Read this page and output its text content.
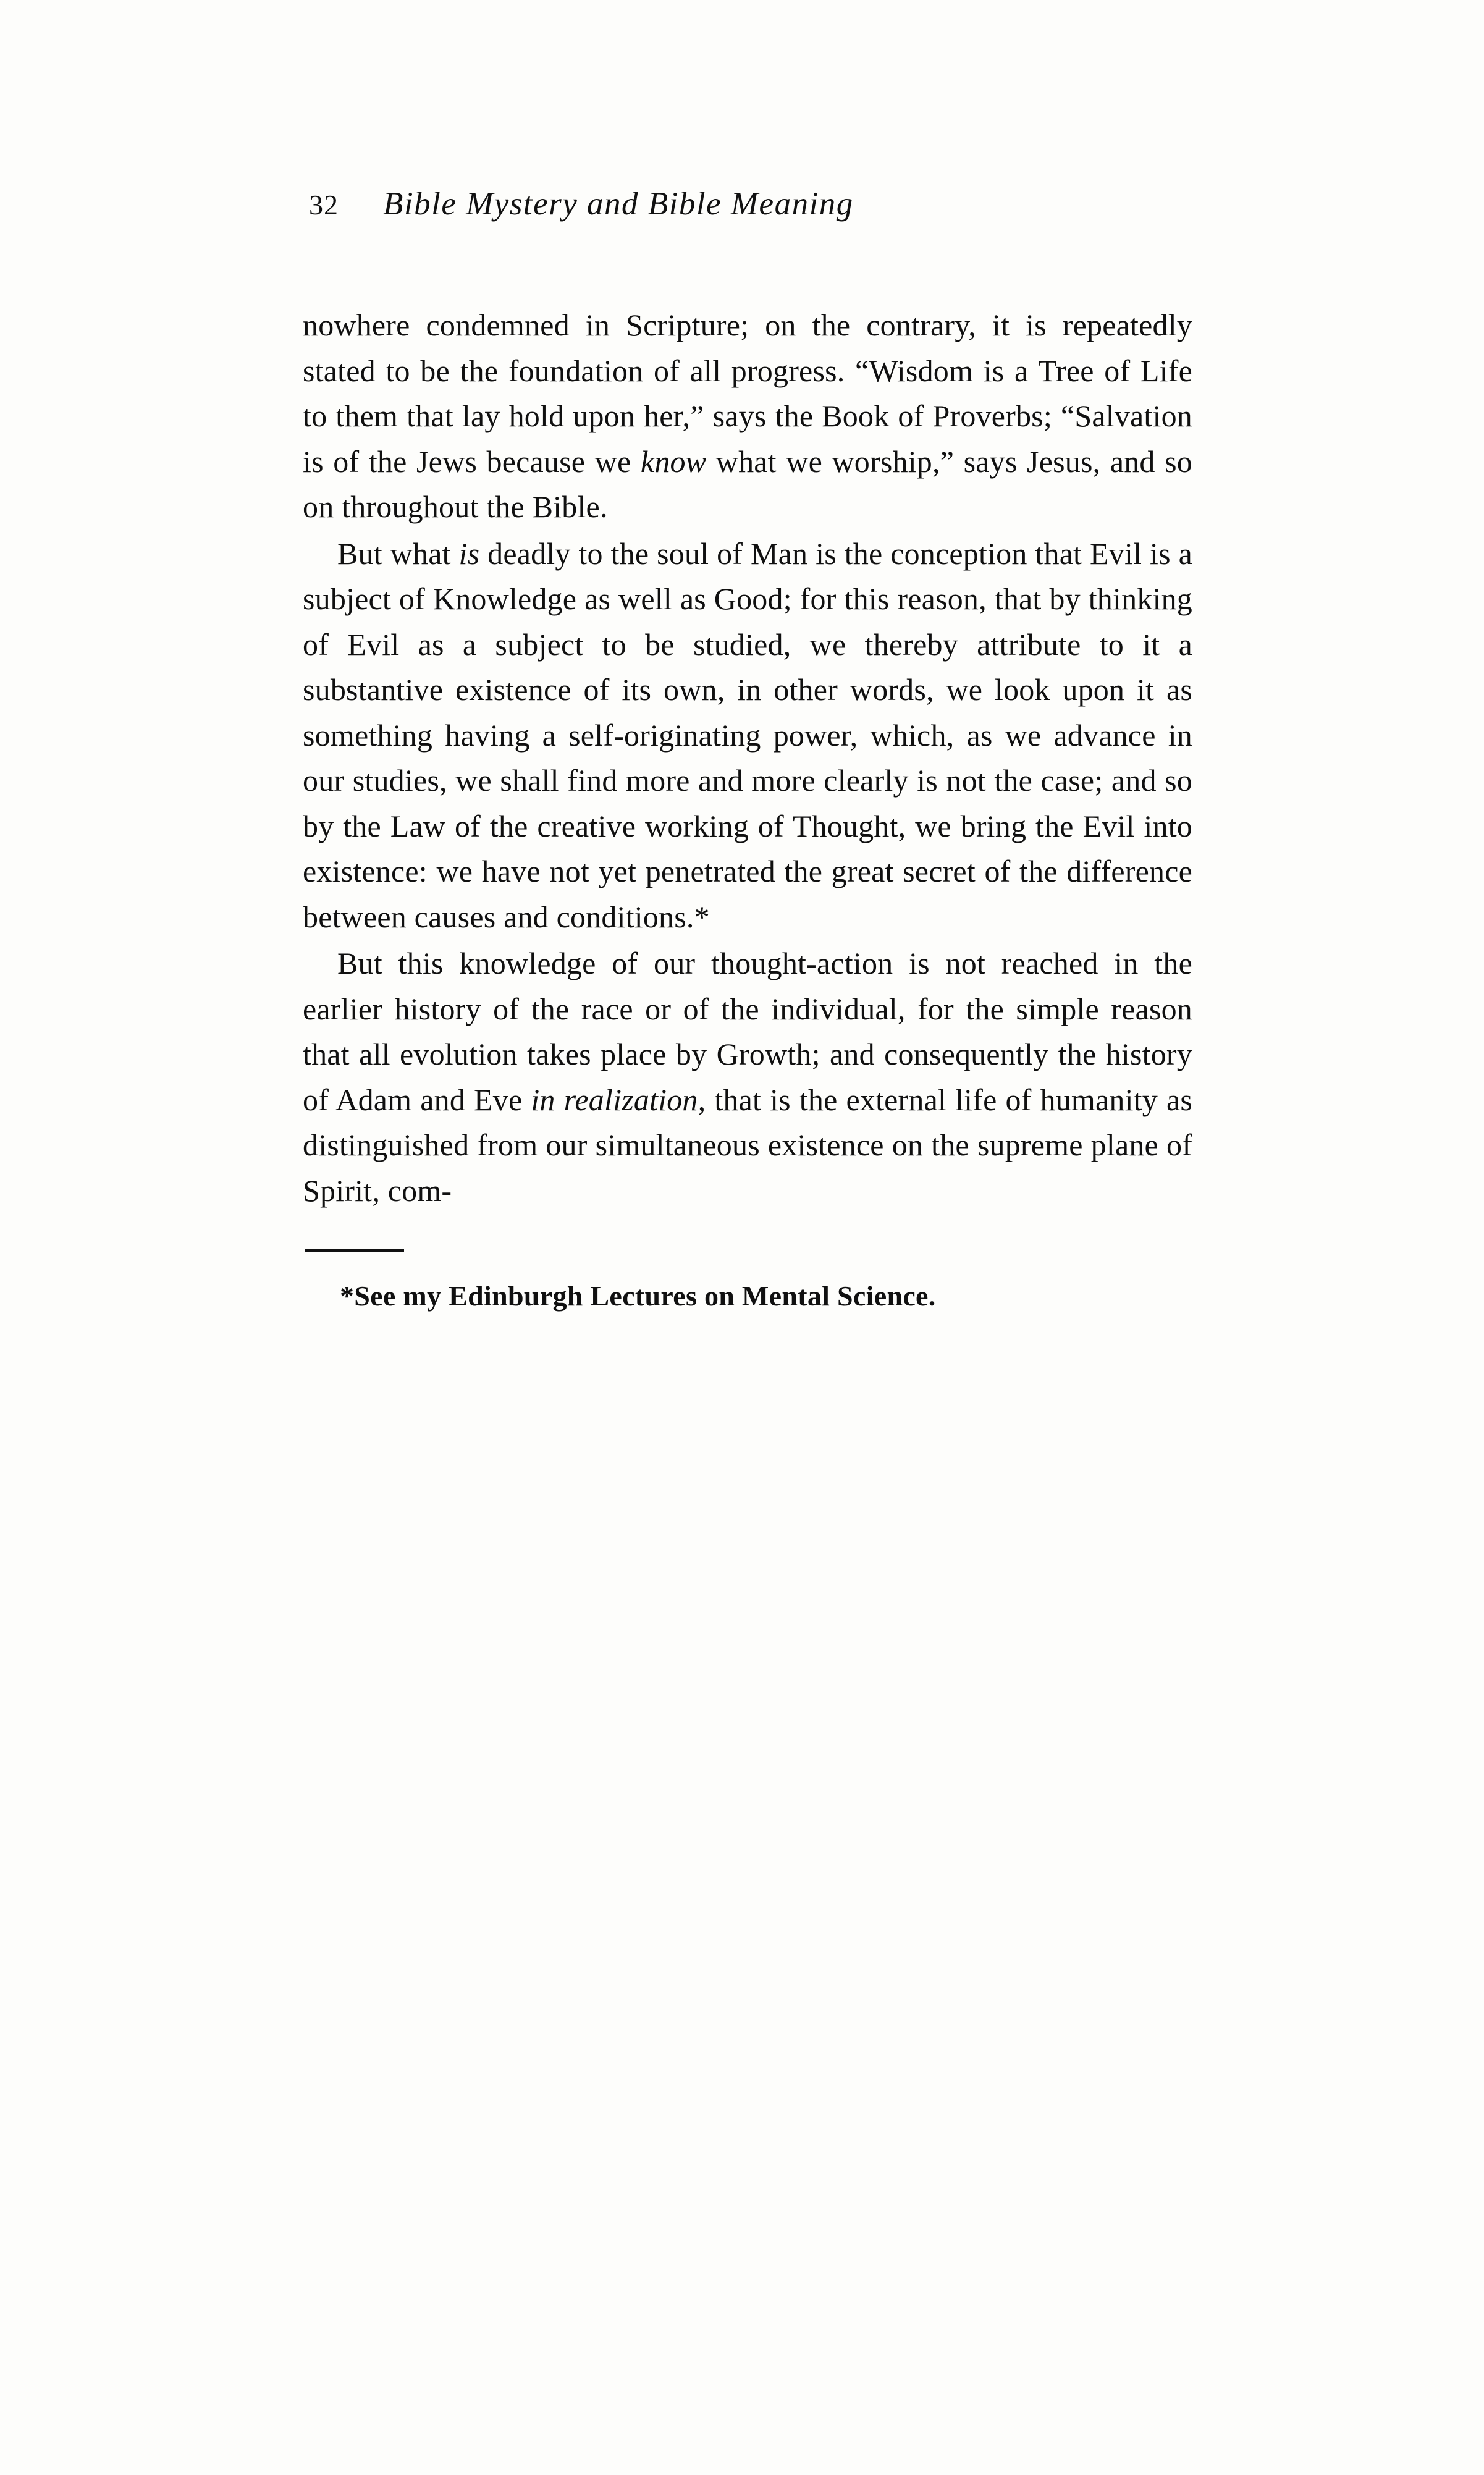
32	Bible Mystery and Bible Meaning

nowhere condemned in Scripture; on the contrary, it is repeatedly stated to be the foundation of all progress. “Wisdom is a Tree of Life to them that lay hold upon her,” says the Book of Proverbs; “Salvation is of the Jews because we know what we worship,” says Jesus, and so on throughout the Bible.

But what is deadly to the soul of Man is the conception that Evil is a subject of Knowledge as well as Good; for this reason, that by thinking of Evil as a subject to be studied, we thereby attribute to it a substantive existence of its own, in other words, we look upon it as something having a self-originating power, which, as we advance in our studies, we shall find more and more clearly is not the case; and so by the Law of the creative working of Thought, we bring the Evil into existence: we have not yet penetrated the great secret of the difference between causes and conditions.*

But this knowledge of our thought-action is not reached in the earlier history of the race or of the individual, for the simple reason that all evolution takes place by Growth; and consequently the history of Adam and Eve in realization, that is the external life of humanity as distinguished from our simultaneous existence on the supreme plane of Spirit, com-

*See my Edinburgh Lectures on Mental Science.
